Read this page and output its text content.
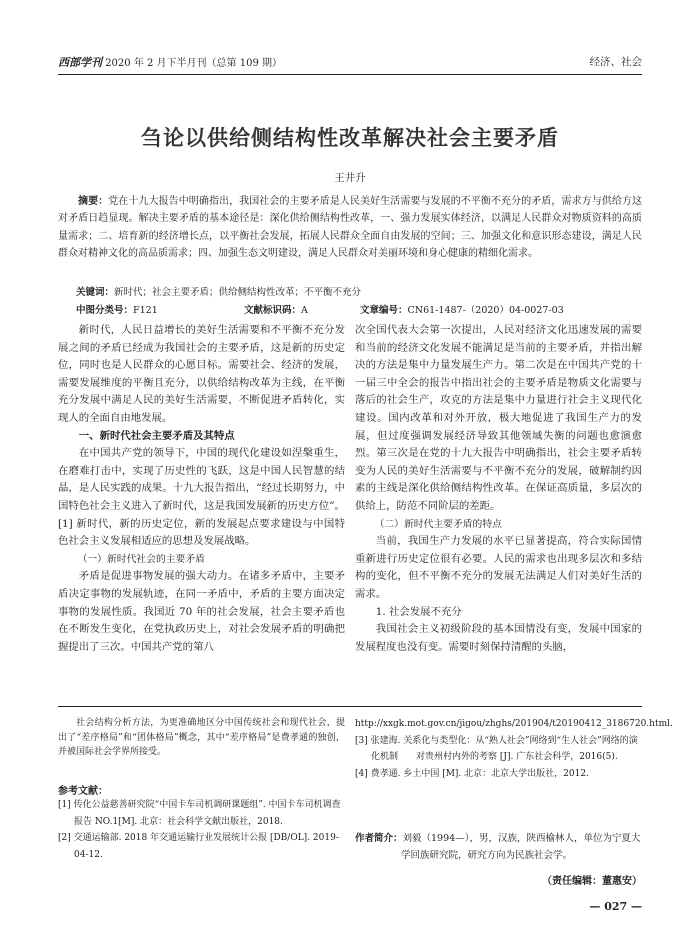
西部学刊 2020 年 2 月下半月刊（总第 109 期）	经济、社会
刍论以供给侧结构性改革解决社会主要矛盾
王井升
摘要：党在十九大报告中明确指出，我国社会的主要矛盾是人民美好生活需要与发展的不平衡不充分的矛盾，需求方与供给方这对矛盾日趋显现。解决主要矛盾的基本途径是：深化供给侧结构性改革，一、强力发展实体经济，以满足人民群众对物质资料的高质量需求；二、培育新的经济增长点，以平衡社会发展，拓展人民群众全面自由发展的空间；三、加强文化和意识形态建设，满足人民群众对精神文化的高品质需求；四、加强生态文明建设，满足人民群众对美丽环境和身心健康的精细化需求。
关键词：新时代；社会主要矛盾；供给侧结构性改革；不平衡不充分
中图分类号：F121	文献标识码：A	文章编号：CN61-1487-（2020）04-0027-03

新时代，人民日益增长的美好生活需要和不平衡不充分发展之间的矛盾已经成为我国社会的主要矛盾，这是新的历史定位，同时也是人民群众的心愿目标。需要社会、经济的发展，需要发展维度的平衡且充分，以供给结构改革为主线，在平衡充分发展中满足人民的美好生活需要，不断促进矛盾转化，实现人的全面自由地发展。

一、新时代社会主要矛盾及其特点

在中国共产党的领导下，中国的现代化建设如涅槃重生，在磨难打击中，实现了历史性的飞跃，这是中国人民智慧的结晶，是人民实践的成果。十九大报告指出，“经过长期努力，中国特色社会主义进入了新时代，这是我国发展新的历史方位”。[1] 新时代，新的历史定位，新的发展起点要求建设与中国特色社会主义发展相适应的思想及发展战略。

（一）新时代社会的主要矛盾

矛盾是促进事物发展的强大动力。在诸多矛盾中，主要矛盾决定事物的发展轨迹，在同一矛盾中，矛盾的主要方面决定事物的发展性质。我国近 70 年的社会发展，社会主要矛盾也在不断发生变化，在党执政历史上，对社会发展矛盾的明确把握提出了三次。中国共产党的第八

次全国代表大会第一次提出，人民对经济文化迅速发展的需要和当前的经济文化发展不能满足是当前的主要矛盾，并指出解决的方法是集中力量发展生产力。第二次是在中国共产党的十一届三中全会的报告中指出社会的主要矛盾是物质文化需要与落后的社会生产，攻克的方法是集中力量进行社会主义现代化建设。国内改革和对外开放，极大地促进了我国生产力的发展，但过度强调发展经济导致其他领域失衡的问题也愈演愈烈。第三次是在党的十九大报告中明确指出，社会主要矛盾转变为人民的美好生活需要与不平衡不充分的发展，破解制约因素的主线是深化供给侧结构性改革。在保证高质量，多层次的供给上，防范不同阶层的差距。

（二）新时代主要矛盾的特点

当前，我国生产力发展的水平已显著提高，符合实际国情重新进行历史定位很有必要。人民的需求也出现多层次和多结构的变化，但不平衡不充分的发展无法满足人们对美好生活的需求。

1. 社会发展不充分

我国社会主义初级阶段的基本国情没有变，发展中国家的发展程度也没有变。需要时刻保持清醒的头脑，

社会结构分析方法，为更准确地区分中国传统社会和现代社会，提出了“差序格局”和“团体格局”概念，其中“差序格局”是费孝通的独创，并被国际社会学界所接受。
参考文献：
[1] 传化公益慈善研究院“中国卡车司机调研课题组”. 中国卡车司机调查报告 NO.1[M]. 北京：社会科学文献出版社，2018.
[2] 交通运输部. 2018 年交通运输行业发展统计公报 [DB/OL]. 2019-04-12.
http://xxgk.mot.gov.cn/jigou/zhghs/201904/t20190412_3186720.html.
[3] 张建海. 关系化与类型化：从“熟人社会”网络到“生人社会”网络的演化机制　　对贵州村内外的考察 [J]. 广东社会科学，2016(5).
[4] 费孝通. 乡土中国 [M]. 北京：北京大学出版社，2012.
作者简介：刘毅（1994—），男，汉族，陕西榆林人，单位为宁夏大学回族研究院，研究方向为民族社会学。
（责任编辑：董惠安）
— 027 —
